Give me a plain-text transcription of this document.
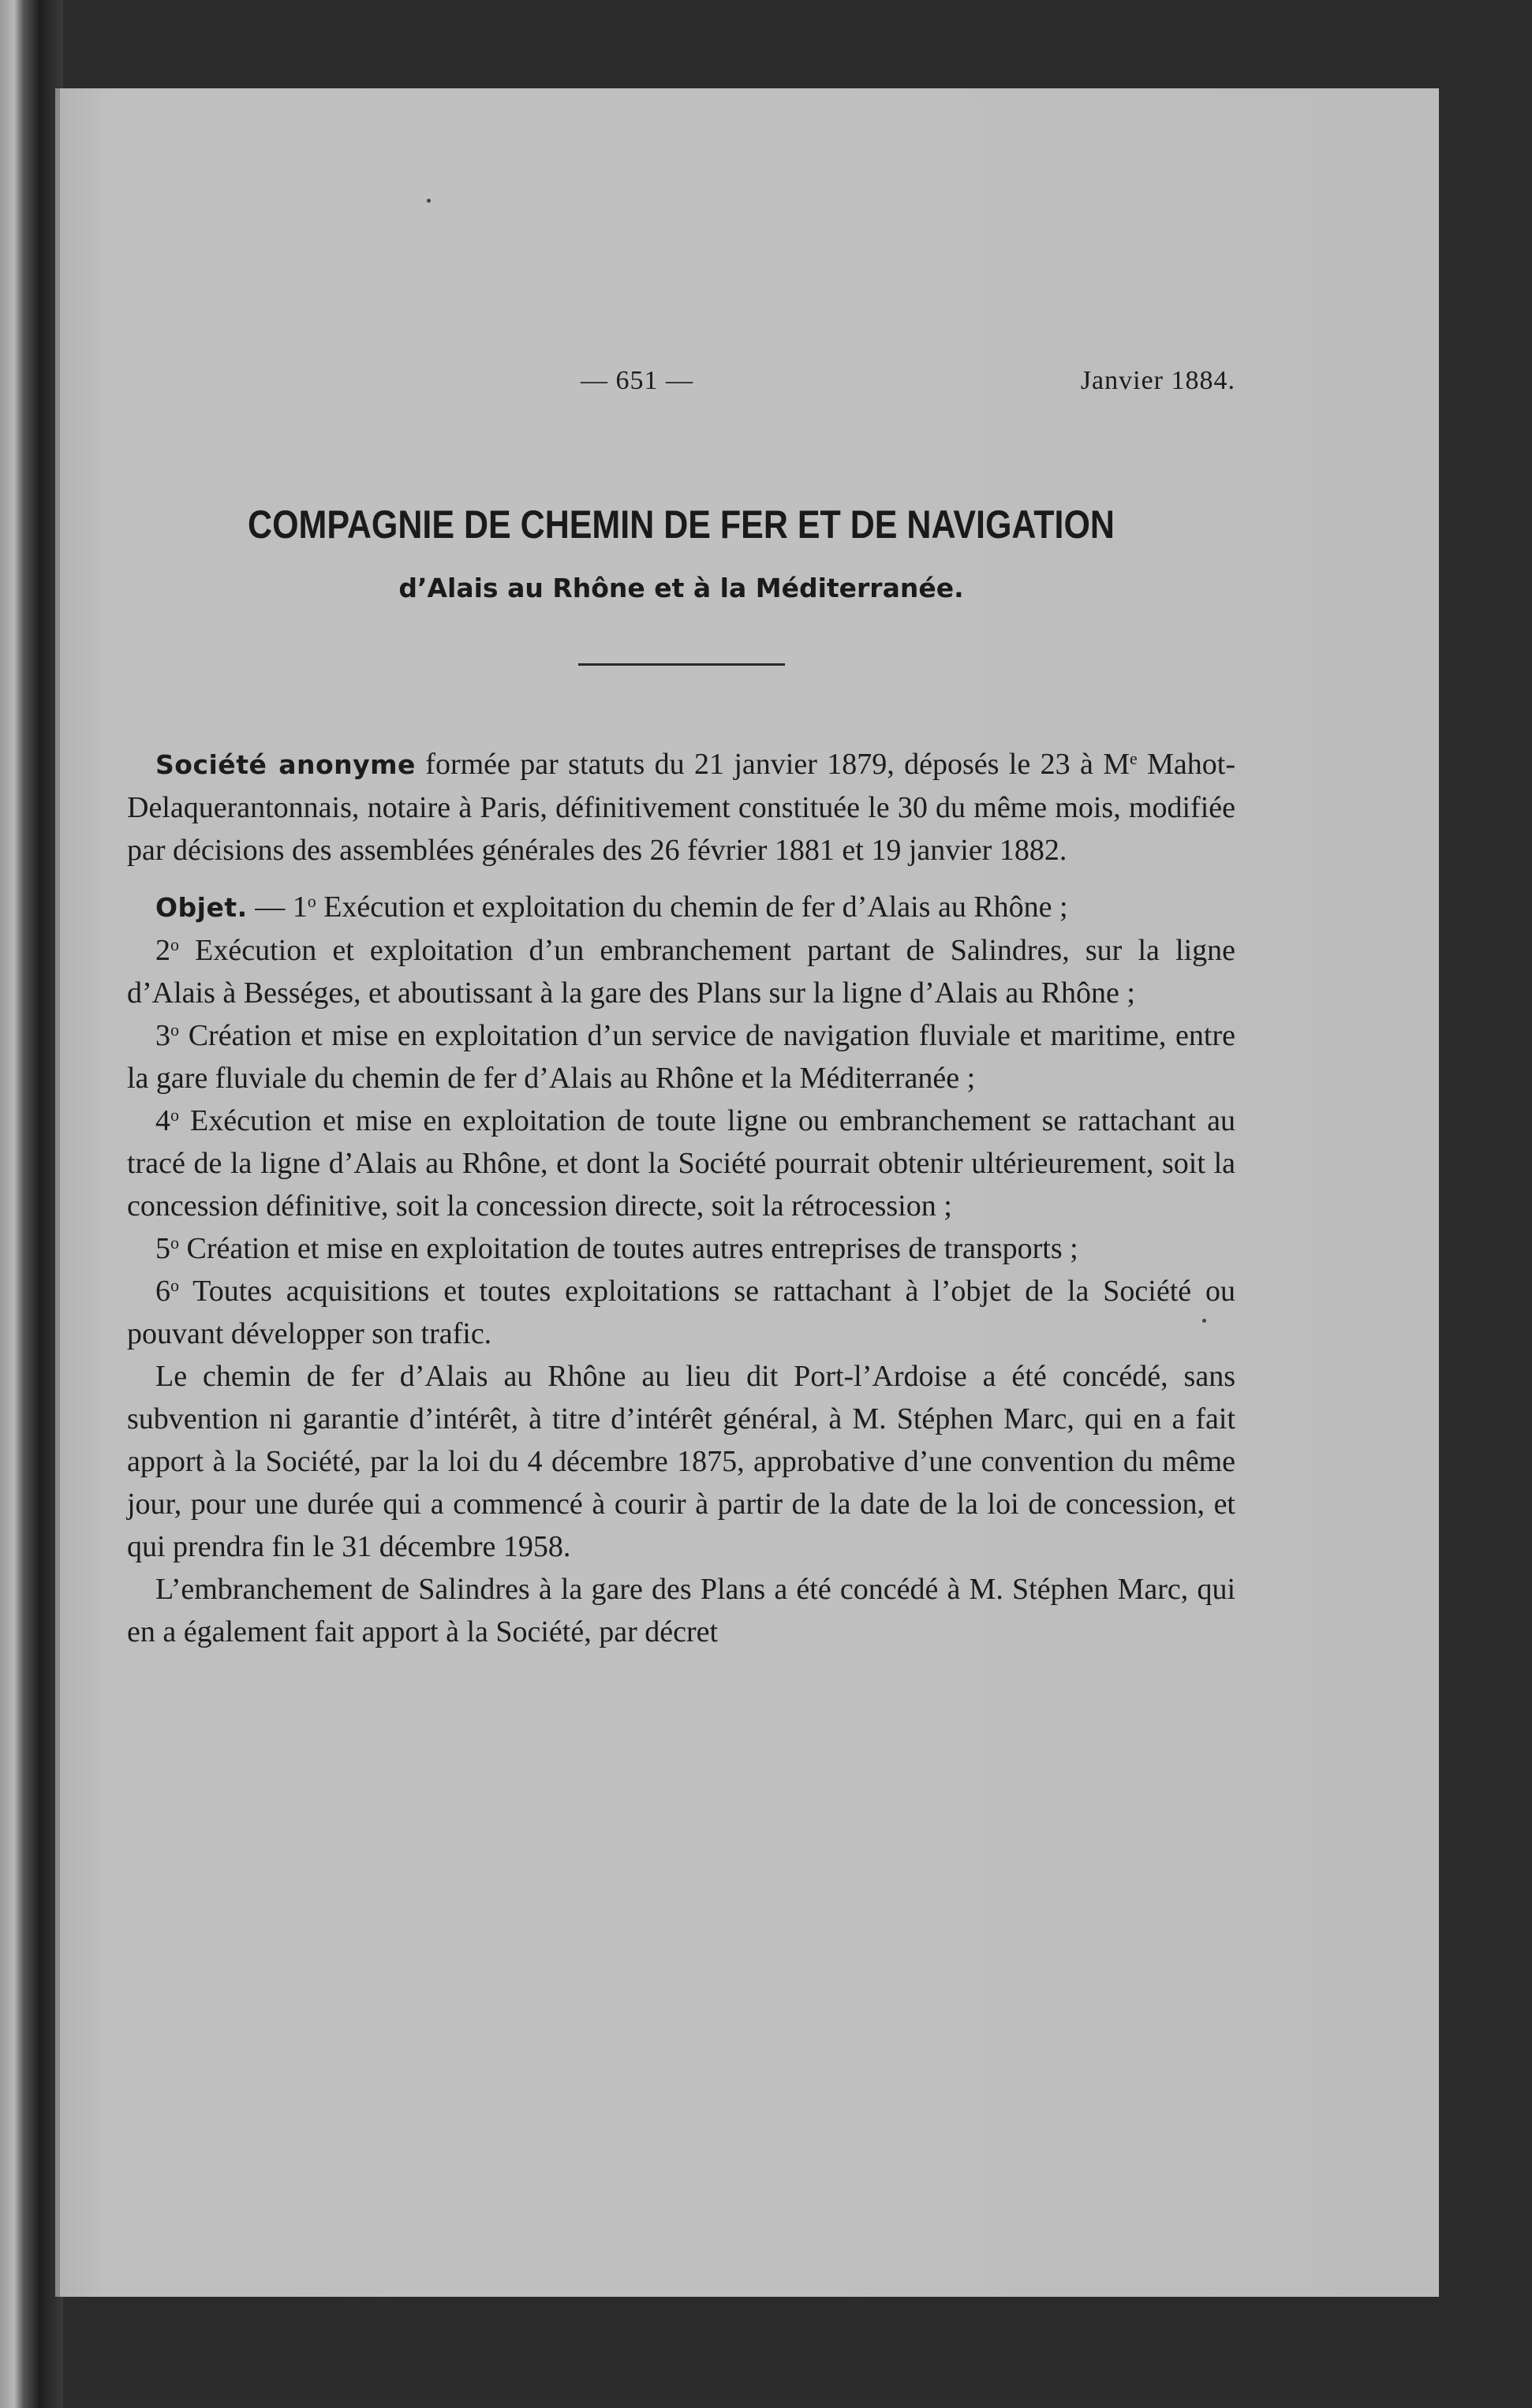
— 651 —	Janvier 1884.
COMPAGNIE DE CHEMIN DE FER ET DE NAVIGATION
d’Alais au Rhône et à la Méditerranée.

Société anonyme formée par statuts du 21 janvier 1879, déposés le 23 à Me Mahot-Delaquerantonnais, notaire à Paris, définitivement constituée le 30 du même mois, modifiée par décisions des assemblées générales des 26 février 1881 et 19 janvier 1882.

Objet. — 1$^o$ Exécution et exploitation du chemin de fer d’Alais au Rhône ;

2$^o$ Exécution et exploitation d’un embranchement partant de Salindres, sur la ligne d’Alais à Bességes, et aboutissant à la gare des Plans sur la ligne d’Alais au Rhône ;

3$^o$ Création et mise en exploitation d’un service de navigation fluviale et maritime, entre la gare fluviale du chemin de fer d’Alais au Rhône et la Méditerranée ;

4$^o$ Exécution et mise en exploitation de toute ligne ou embranchement se rattachant au tracé de la ligne d’Alais au Rhône, et dont la Société pourrait obtenir ultérieurement, soit la concession définitive, soit la concession directe, soit la rétrocession ;

5$^o$ Création et mise en exploitation de toutes autres entreprises de transports ;

6$^o$ Toutes acquisitions et toutes exploitations se rattachant à l’objet de la Société ou pouvant développer son trafic.

Le chemin de fer d’Alais au Rhône au lieu dit Port-l’Ardoise a été concédé, sans subvention ni garantie d’intérêt, à titre d’intérêt général, à M. Stéphen Marc, qui en a fait apport à la Société, par la loi du 4 décembre 1875, approbative d’une convention du même jour, pour une durée qui a commencé à courir à partir de la date de la loi de concession, et qui prendra fin le 31 décembre 1958.

L’embranchement de Salindres à la gare des Plans a été concédé à M. Stéphen Marc, qui en a également fait apport à la Société, par décret
